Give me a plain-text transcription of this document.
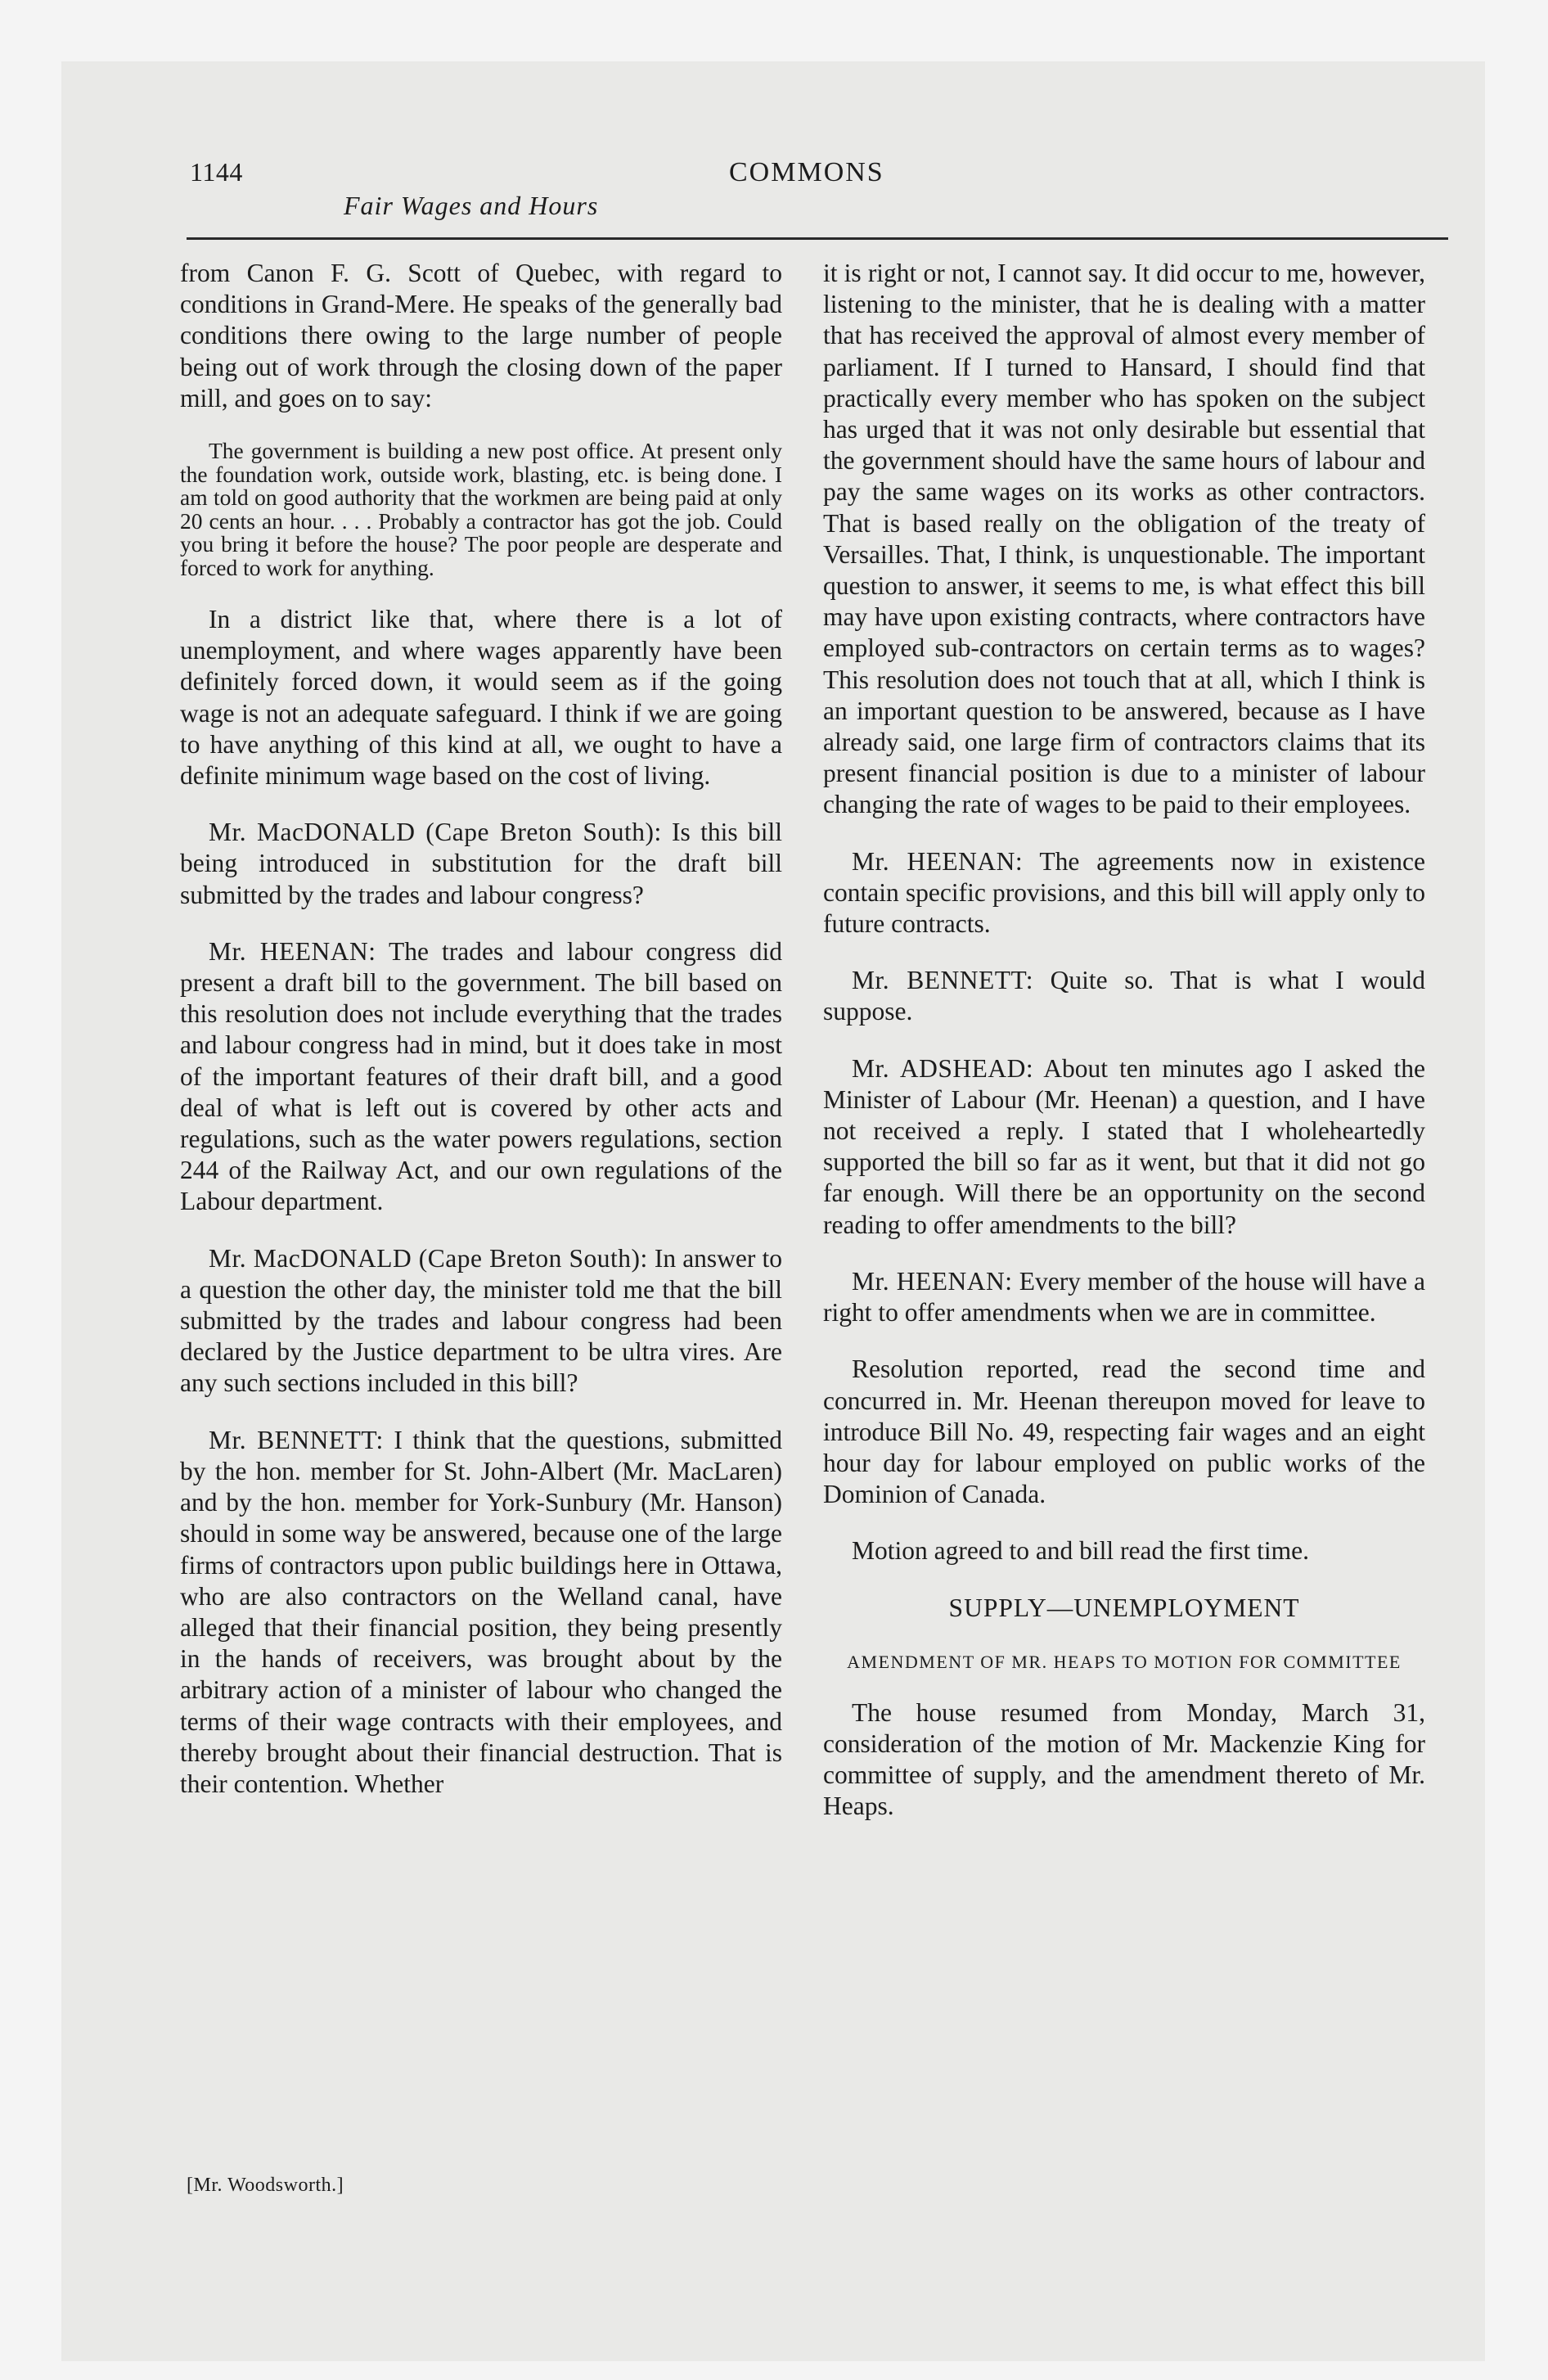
1144	COMMONS
Fair Wages and Hours

from Canon F. G. Scott of Quebec, with regard to conditions in Grand-Mere. He speaks of the generally bad conditions there owing to the large number of people being out of work through the closing down of the paper mill, and goes on to say:

The government is building a new post office. At present only the foundation work, outside work, blasting, etc. is being done. I am told on good authority that the workmen are being paid at only 20 cents an hour. . . . Probably a contractor has got the job. Could you bring it before the house? The poor people are desperate and forced to work for anything.

In a district like that, where there is a lot of unemployment, and where wages apparently have been definitely forced down, it would seem as if the going wage is not an adequate safeguard. I think if we are going to have anything of this kind at all, we ought to have a definite minimum wage based on the cost of living.

Mr. MacDONALD (Cape Breton South): Is this bill being introduced in substitution for the draft bill submitted by the trades and labour congress?

Mr. HEENAN: The trades and labour congress did present a draft bill to the government. The bill based on this resolution does not include everything that the trades and labour congress had in mind, but it does take in most of the important features of their draft bill, and a good deal of what is left out is covered by other acts and regulations, such as the water powers regulations, section 244 of the Railway Act, and our own regulations of the Labour department.

Mr. MacDONALD (Cape Breton South): In answer to a question the other day, the minister told me that the bill submitted by the trades and labour congress had been declared by the Justice department to be ultra vires. Are any such sections included in this bill?

Mr. BENNETT: I think that the questions, submitted by the hon. member for St. John-Albert (Mr. MacLaren) and by the hon. member for York-Sunbury (Mr. Hanson) should in some way be answered, because one of the large firms of contractors upon public buildings here in Ottawa, who are also contractors on the Welland canal, have alleged that their financial position, they being presently in the hands of receivers, was brought about by the arbitrary action of a minister of labour who changed the terms of their wage contracts with their employees, and thereby brought about their financial destruction. That is their contention. Whether

it is right or not, I cannot say. It did occur to me, however, listening to the minister, that he is dealing with a matter that has received the approval of almost every member of parliament. If I turned to Hansard, I should find that practically every member who has spoken on the subject has urged that it was not only desirable but essential that the government should have the same hours of labour and pay the same wages on its works as other contractors. That is based really on the obligation of the treaty of Versailles. That, I think, is unquestionable. The important question to answer, it seems to me, is what effect this bill may have upon existing contracts, where contractors have employed sub-contractors on certain terms as to wages? This resolution does not touch that at all, which I think is an important question to be answered, because as I have already said, one large firm of contractors claims that its present financial position is due to a minister of labour changing the rate of wages to be paid to their employees.

Mr. HEENAN: The agreements now in existence contain specific provisions, and this bill will apply only to future contracts.

Mr. BENNETT: Quite so. That is what I would suppose.

Mr. ADSHEAD: About ten minutes ago I asked the Minister of Labour (Mr. Heenan) a question, and I have not received a reply. I stated that I wholeheartedly supported the bill so far as it went, but that it did not go far enough. Will there be an opportunity on the second reading to offer amendments to the bill?

Mr. HEENAN: Every member of the house will have a right to offer amendments when we are in committee.

Resolution reported, read the second time and concurred in. Mr. Heenan thereupon moved for leave to introduce Bill No. 49, respecting fair wages and an eight hour day for labour employed on public works of the Dominion of Canada.

Motion agreed to and bill read the first time.

SUPPLY—UNEMPLOYMENT
AMENDMENT OF MR. HEAPS TO MOTION FOR COMMITTEE

The house resumed from Monday, March 31, consideration of the motion of Mr. Mackenzie King for committee of supply, and the amendment thereto of Mr. Heaps.

[Mr. Woodsworth.]
